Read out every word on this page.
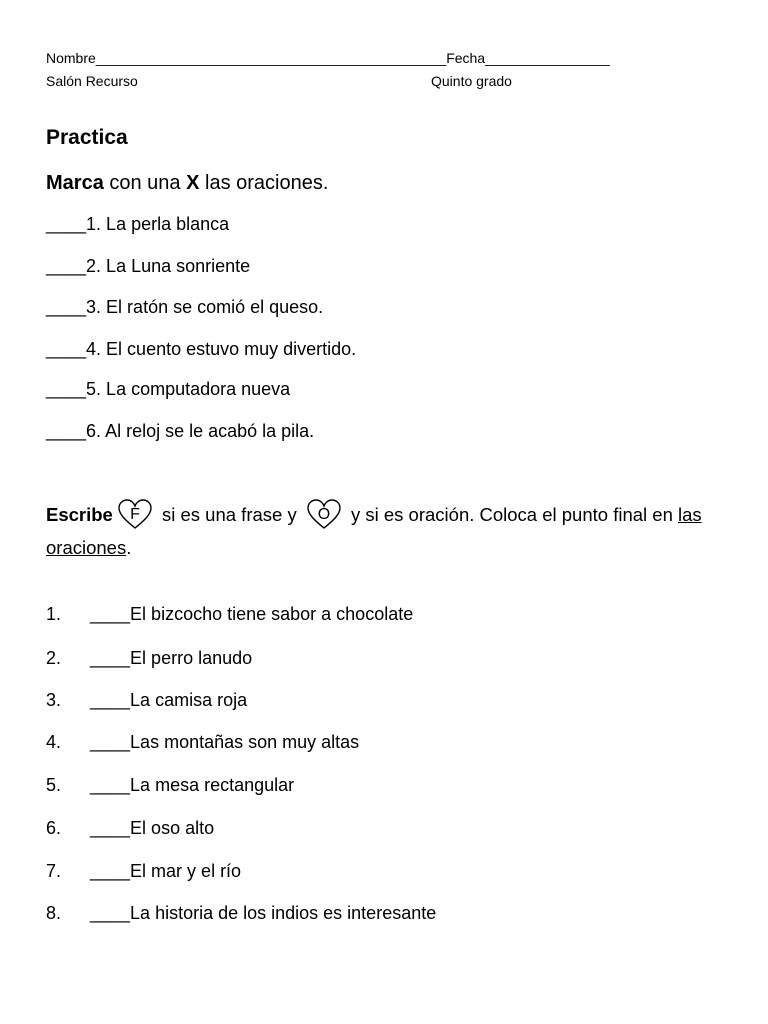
Nombre_____________________________________________Fecha________________
Salón Recurso	Quinto grado
Practica
Marca con una X las oraciones.
____1. La perla blanca
____2. La Luna sonriente
____3. El ratón se comió el queso.
____4. El cuento estuvo muy divertido.
____5. La computadora nueva
____6. Al reloj se le acabó la pila.
Escribe F si es una frase y O y si es oración. Coloca el punto final en las oraciones.
1. ____El bizcocho tiene sabor a chocolate
2. ____El perro lanudo
3. ____La camisa roja
4. ____Las montañas son muy altas
5. ____La mesa rectangular
6. ____El oso alto
7. ____El mar y el río
8. ____La historia de los indios es interesante
